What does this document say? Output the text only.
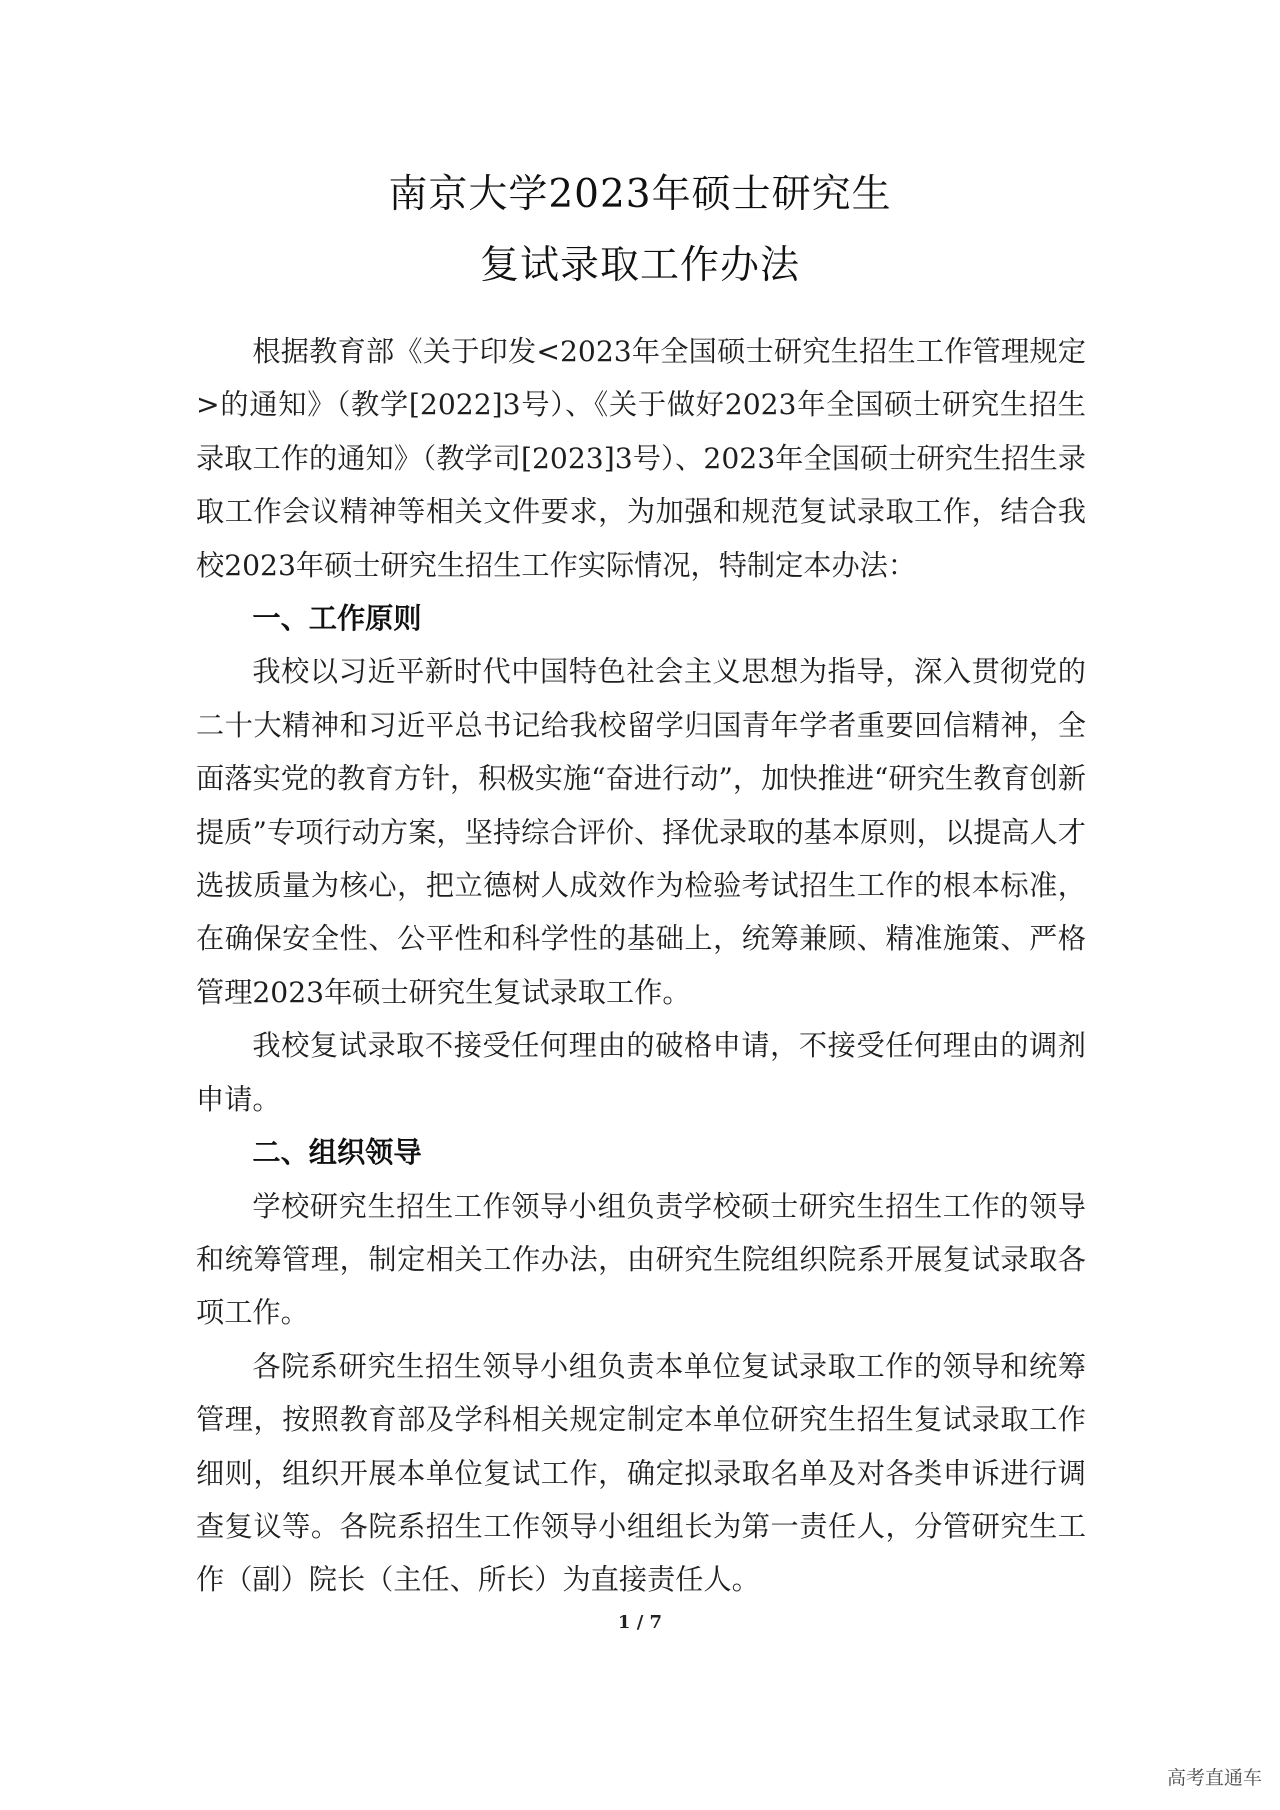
南京大学2023年硕士研究生
复试录取工作办法

根据教育部《关于印发<2023年全国硕士研究生招生工作管理规定>的通知》（教学[2022]3号）、《关于做好2023年全国硕士研究生招生录取工作的通知》（教学司[2023]3号）、2023年全国硕士研究生招生录取工作会议精神等相关文件要求，为加强和规范复试录取工作，结合我校2023年硕士研究生招生工作实际情况，特制定本办法：

一、工作原则

我校以习近平新时代中国特色社会主义思想为指导，深入贯彻党的二十大精神和习近平总书记给我校留学归国青年学者重要回信精神，全面落实党的教育方针，积极实施“奋进行动”，加快推进“研究生教育创新提质”专项行动方案，坚持综合评价、择优录取的基本原则，以提高人才选拔质量为核心，把立德树人成效作为检验考试招生工作的根本标准，在确保安全性、公平性和科学性的基础上，统筹兼顾、精准施策、严格管理2023年硕士研究生复试录取工作。

我校复试录取不接受任何理由的破格申请，不接受任何理由的调剂申请。

二、组织领导

学校研究生招生工作领导小组负责学校硕士研究生招生工作的领导和统筹管理，制定相关工作办法，由研究生院组织院系开展复试录取各项工作。

各院系研究生招生领导小组负责本单位复试录取工作的领导和统筹管理，按照教育部及学科相关规定制定本单位研究生招生复试录取工作细则，组织开展本单位复试工作，确定拟录取名单及对各类申诉进行调查复议等。各院系招生工作领导小组组长为第一责任人，分管研究生工作（副）院长（主任、所长）为直接责任人。

1 / 7
高考直通车
